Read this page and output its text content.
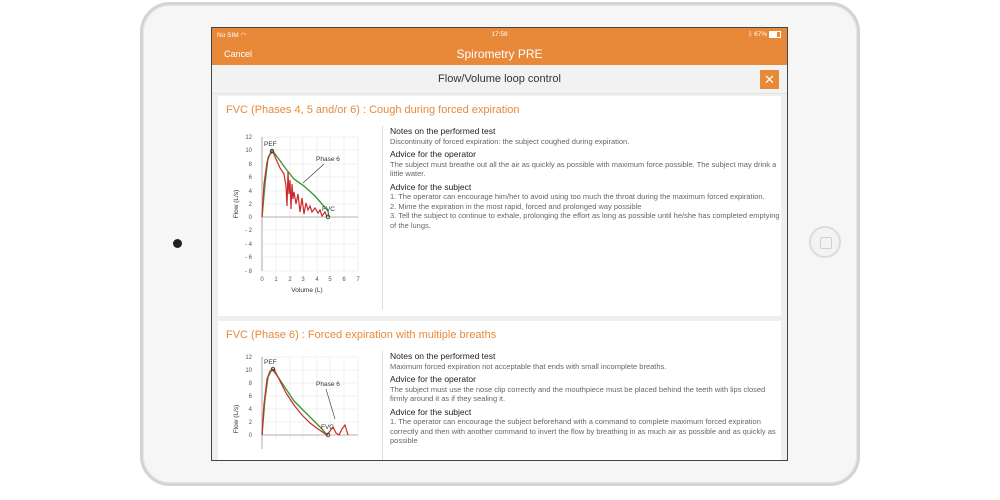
No SIM ◠	17:58	ᛒ 67%
Cancel	Spirometry PRE
Flow/Volume loop control	✕
FVC (Phases 4, 5 and/or 6) : Cough during forced expiration
12
10
8
6
4
2
0
- 2
- 4
- 6
- 8
0 1 2 3 4 5 6 7
Volume (L)
Flow (L/s)
PEF
FVC
Phase 6
Notes on the performed test
Discontinuity of forced expiration: the subject coughed during expiration.
Advice for the operator
The subject must breathe out all the air as quickly as possible with maximum force possible. The subject may drink a little water.
Advice for the subject
1. The operator can encourage him/her to avoid using too much the throat during the maximum forced expiration.
2. Mime the expiration in the most rapid, forced and prolonged way possible
3. Tell the subject to continue to exhale, prolonging the effort as long as possible until he/she has completed emptying of the lungs.
FVC (Phase 6) : Forced expiration with multiple breaths
12
10
8
6
4
2
0
Flow (L/s)
PEF
FVC
Phase 6
Notes on the performed test
Maximum forced expiration not acceptable that ends with small incomplete breaths.
Advice for the operator
The subject must use the nose clip correctly and the mouthpiece must be placed behind the teeth with lips closed firmly around it as if they sealing it.
Advice for the subject
1. The operator can encourage the subject beforehand with a command to complete maximum forced expiration correctly and then with another command to invert the flow by breathing in as much air as possible and as quickly as possible
